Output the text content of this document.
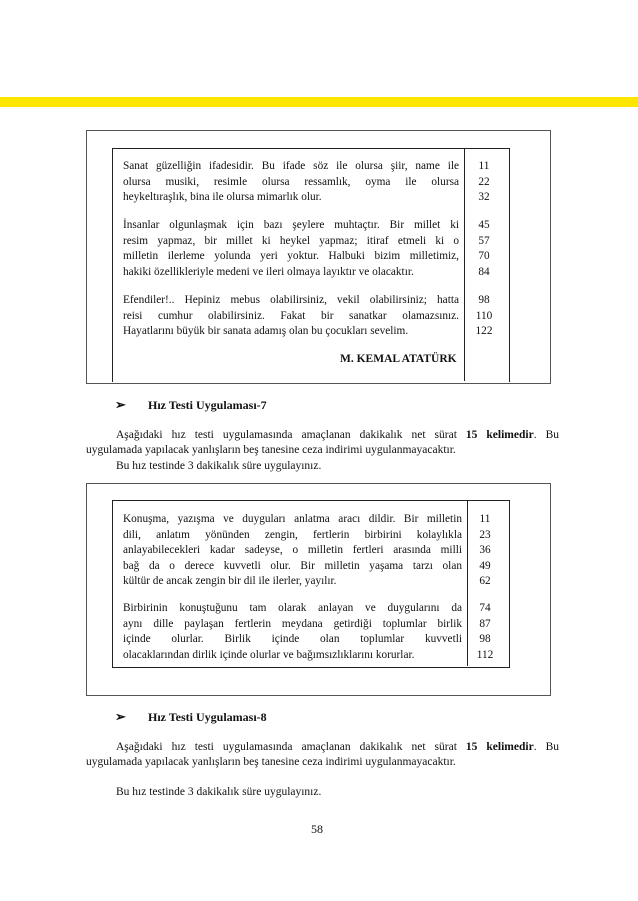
Sanat güzelliğin ifadesidir. Bu ifade söz ile olursa şiir, name ile
olursa musiki, resimle olursa ressamlık, oyma ile olursa
heykeltıraşlık, bina ile olursa mimarlık olur.
11
22
32
İnsanlar olgunlaşmak için bazı şeylere muhtaçtır. Bir millet ki
resim yapmaz, bir millet ki heykel yapmaz; itiraf etmeli ki o
milletin ilerleme yolunda yeri yoktur. Halbuki bizim milletimiz,
hakiki özellikleriyle medeni ve ileri olmaya layıktır ve olacaktır.
45
57
70
84
Efendiler!.. Hepiniz mebus olabilirsiniz, vekil olabilirsiniz; hatta
reisi cumhur olabilirsiniz. Fakat bir sanatkar olamazsınız.
Hayatlarını büyük bir sanata adamış olan bu çocukları sevelim.
98
110
122
M. KEMAL ATATÜRK
➢ Hız Testi Uygulaması-7
Aşağıdaki hız testi uygulamasında amaçlanan dakikalık net sürat 15 kelimedir. Bu
uygulamada yapılacak yanlışların beş tanesine ceza indirimi uygulanmayacaktır.
Bu hız testinde 3 dakikalık süre uygulayınız.
Konuşma, yazışma ve duyguları anlatma aracı dildir. Bir milletin
dili, anlatım yönünden zengin, fertlerin birbirini kolaylıkla
anlayabilecekleri kadar sadeyse, o milletin fertleri arasında milli
bağ da o derece kuvvetli olur. Bir milletin yaşama tarzı olan
kültür de ancak zengin bir dil ile ilerler, yayılır.
11
23
36
49
62
Birbirinin konuştuğunu tam olarak anlayan ve duygularını da
aynı dille paylaşan fertlerin meydana getirdiği toplumlar birlik
içinde olurlar. Birlik içinde olan toplumlar kuvvetli
olacaklarından dirlik içinde olurlar ve bağımsızlıklarını korurlar.
74
87
98
112
➢ Hız Testi Uygulaması-8
Aşağıdaki hız testi uygulamasında amaçlanan dakikalık net sürat 15 kelimedir. Bu
uygulamada yapılacak yanlışların beş tanesine ceza indirimi uygulanmayacaktır.
Bu hız testinde 3 dakikalık süre uygulayınız.
58
